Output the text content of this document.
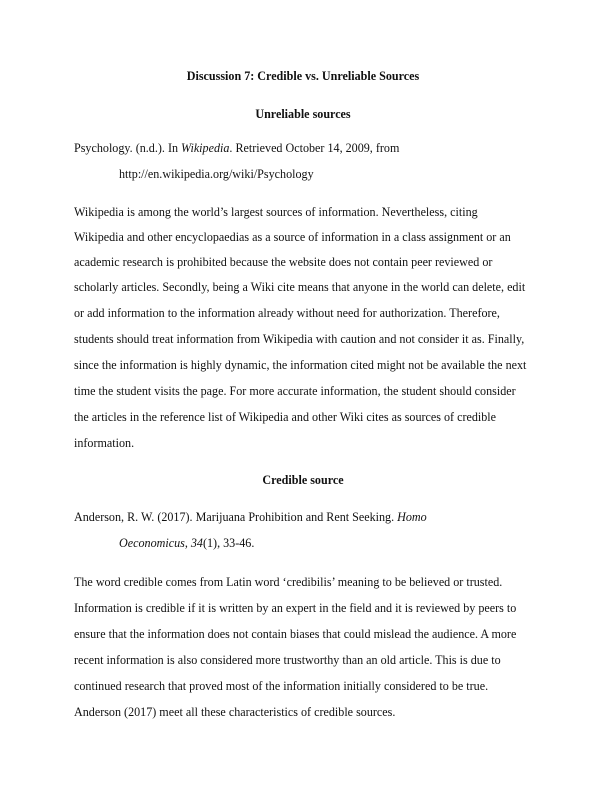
Discussion 7: Credible vs. Unreliable Sources

Unreliable sources

Psychology. (n.d.). In Wikipedia. Retrieved October 14, 2009, from

http://en.wikipedia.org/wiki/Psychology

Wikipedia is among the world’s largest sources of information. Nevertheless, citing

Wikipedia and other encyclopaedias as a source of information in a class assignment or an

academic research is prohibited because the website does not contain peer reviewed or

scholarly articles. Secondly, being a Wiki cite means that anyone in the world can delete, edit

or add information to the information already without need for authorization. Therefore,

students should treat information from Wikipedia with caution and not consider it as. Finally,

since the information is highly dynamic, the information cited might not be available the next

time the student visits the page. For more accurate information, the student should consider

the articles in the reference list of Wikipedia and other Wiki cites as sources of credible

information.

Credible source

Anderson, R. W. (2017). Marijuana Prohibition and Rent Seeking. Homo

Oeconomicus, 34(1), 33-46.

The word credible comes from Latin word ‘credibilis’ meaning to be believed or trusted.

Information is credible if it is written by an expert in the field and it is reviewed by peers to

ensure that the information does not contain biases that could mislead the audience. A more

recent information is also considered more trustworthy than an old article. This is due to

continued research that proved most of the information initially considered to be true.

Anderson (2017) meet all these characteristics of credible sources.
